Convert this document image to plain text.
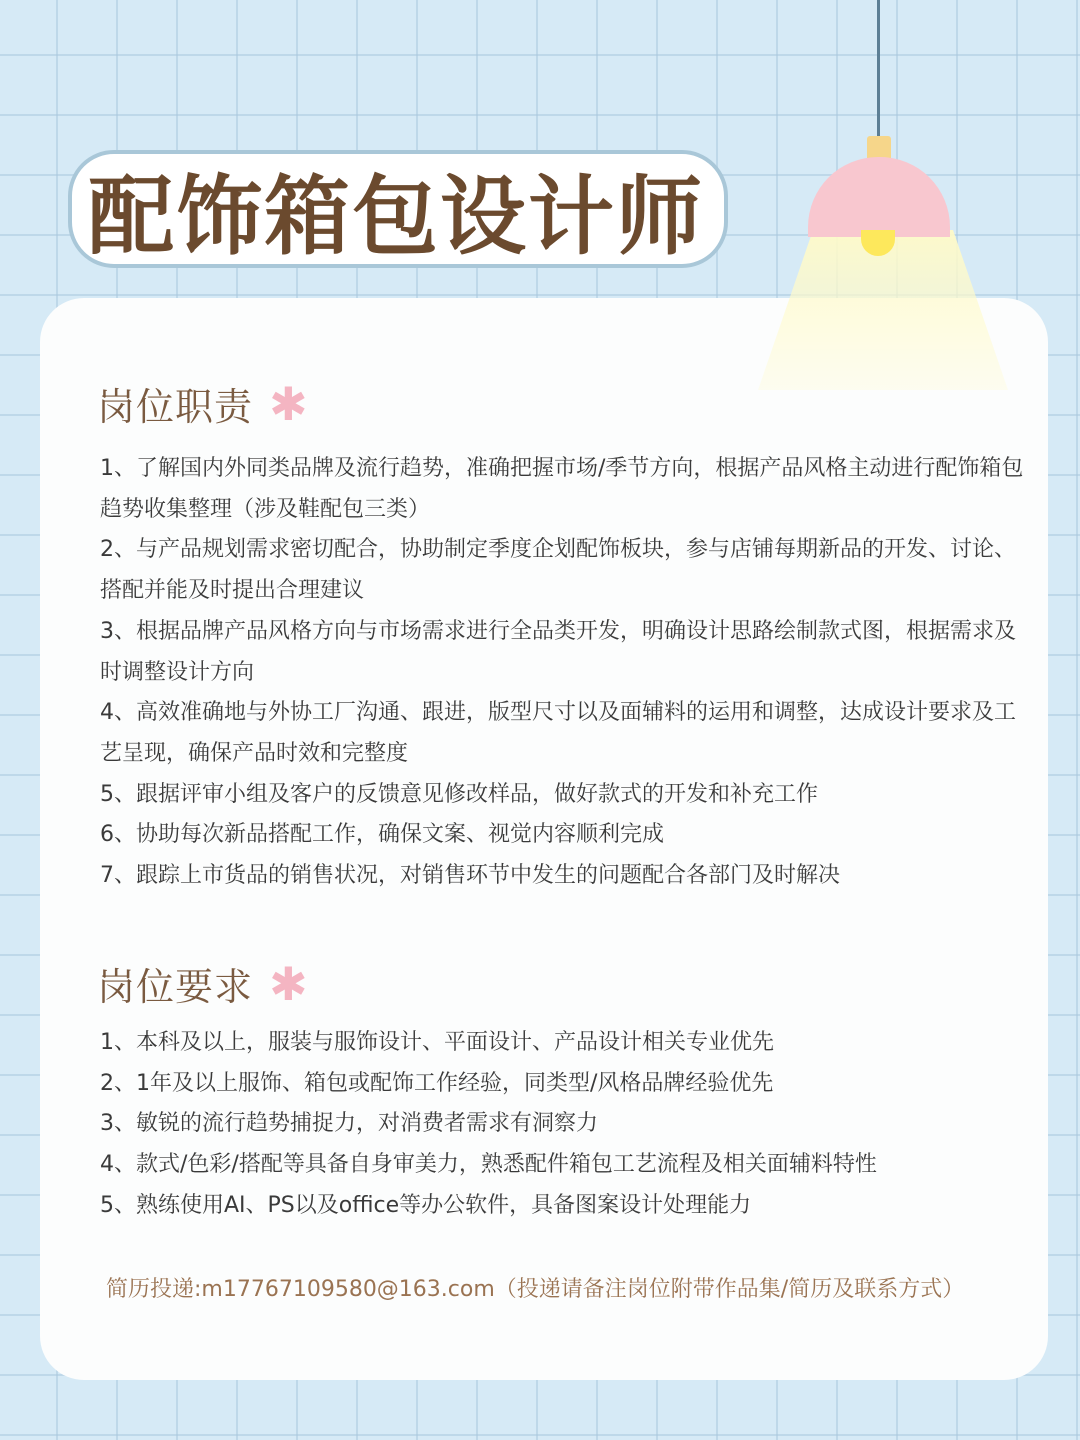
配饰箱包设计师
岗位职责 ✱
1、了解国内外同类品牌及流行趋势，准确把握市场/季节方向，根据产品风格主动进行配饰箱包趋势收集整理（涉及鞋配包三类）
2、与产品规划需求密切配合，协助制定季度企划配饰板块，参与店铺每期新品的开发、讨论、搭配并能及时提出合理建议
3、根据品牌产品风格方向与市场需求进行全品类开发，明确设计思路绘制款式图，根据需求及时调整设计方向
4、高效准确地与外协工厂沟通、跟进，版型尺寸以及面辅料的运用和调整，达成设计要求及工艺呈现，确保产品时效和完整度
5、跟据评审小组及客户的反馈意见修改样品，做好款式的开发和补充工作
6、协助每次新品搭配工作，确保文案、视觉内容顺利完成
7、跟踪上市货品的销售状况，对销售环节中发生的问题配合各部门及时解决
岗位要求 ✱
1、本科及以上，服装与服饰设计、平面设计、产品设计相关专业优先
2、1年及以上服饰、箱包或配饰工作经验，同类型/风格品牌经验优先
3、敏锐的流行趋势捕捉力，对消费者需求有洞察力
4、款式/色彩/搭配等具备自身审美力，熟悉配件箱包工艺流程及相关面辅料特性
5、熟练使用AI、PS以及office等办公软件，具备图案设计处理能力
简历投递:m17767109580@163.com（投递请备注岗位附带作品集/简历及联系方式）
